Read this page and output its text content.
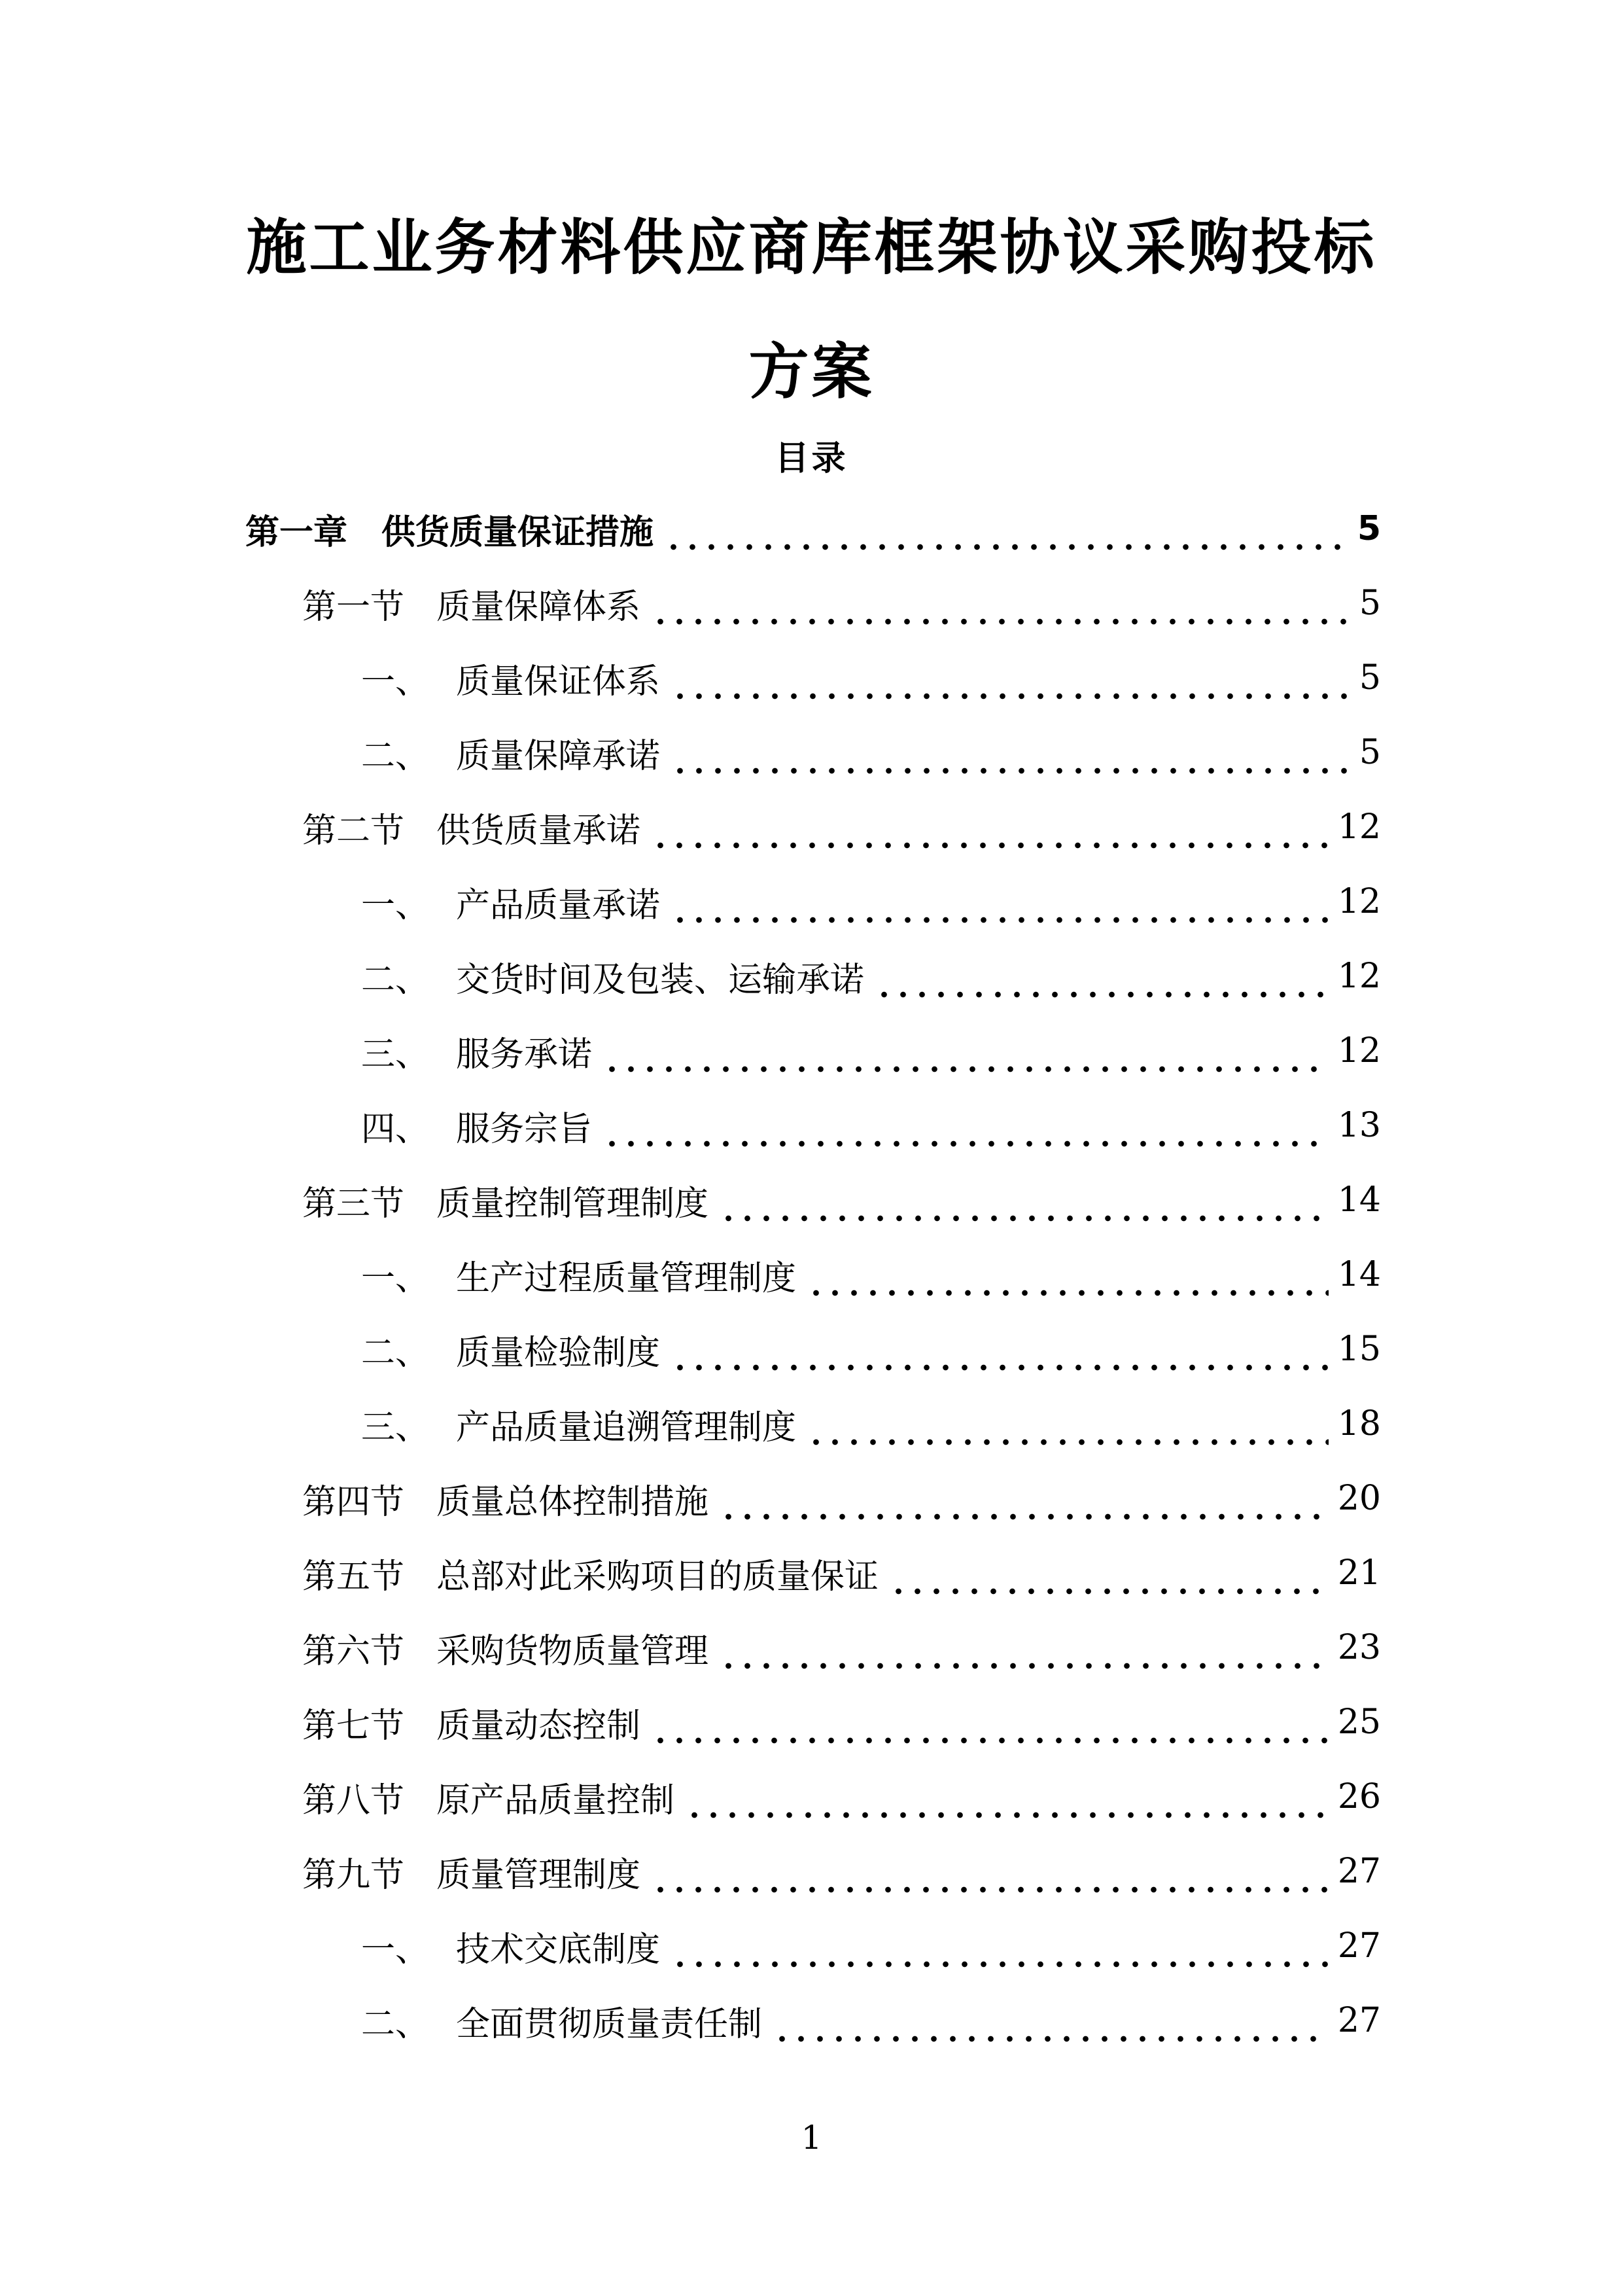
施工业务材料供应商库框架协议采购投标
方案
目录
第一章 供货质量保证措施	5
第一节 质量保障体系	5
一、 质量保证体系	5
二、 质量保障承诺	5
第二节 供货质量承诺	12
一、 产品质量承诺	12
二、 交货时间及包装、运输承诺	12
三、 服务承诺	12
四、 服务宗旨	13
第三节 质量控制管理制度	14
一、 生产过程质量管理制度	14
二、 质量检验制度	15
三、 产品质量追溯管理制度	18
第四节 质量总体控制措施	20
第五节 总部对此采购项目的质量保证	21
第六节 采购货物质量管理	23
第七节 质量动态控制	25
第八节 原产品质量控制	26
第九节 质量管理制度	27
一、 技术交底制度	27
二、 全面贯彻质量责任制	27
1
